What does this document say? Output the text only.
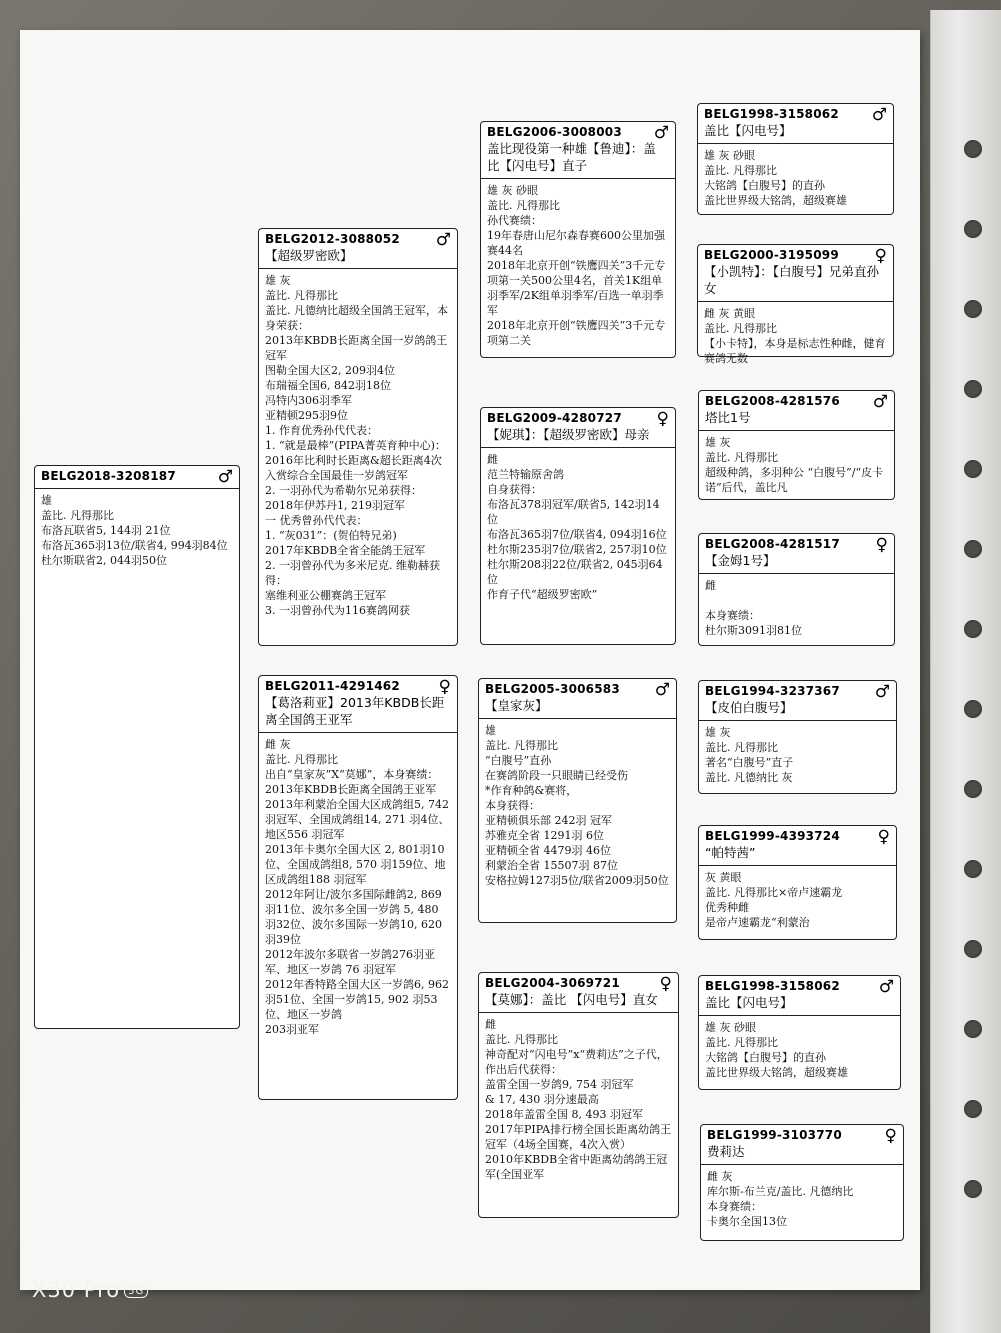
BELG2018-3208187	♂
雄
盖比. 凡得那比
布洛瓦联省5, 144羽 21位
布洛瓦365羽13位/联省4, 994羽84位
杜尔斯联省2, 044羽50位
BELG2012-3088052	♂
【超级罗密欧】
雄 灰
盖比. 凡得那比
盖比. 凡德纳比超级全国鸽王冠军，本身荣获：
2013年KBDB长距离全国一岁鸽鸽王冠军
图勒全国大区2, 209羽4位
布瑞福全国6, 842羽18位
冯特内306羽季军
亚精顿295羽9位
1. 作育优秀孙代代表：
1. “就是最棒”(PIPA菁英育种中心)：
2016年比利时长距离&超长距离4次入赏综合全国最佳一岁鸽冠军
2. 一羽孙代为希勒尔兄弟获得：
2018年伊苏丹1, 219羽冠军
一 优秀曾孙代代表：
1. “灰031”：(贺伯特兄弟)
2017年KBDB全省全能鸽王冠军
2. 一羽曾孙代为多米尼克. 维勒赫获得：
塞维利亚公棚赛鸽王冠军
3. 一羽曾孙代为116赛鸽网获
BELG2011-4291462	♀
【葛洛莉亚】2013年KBDB长距离全国鸽王亚军
雌 灰
盖比. 凡得那比
出自“皇家灰”X“莫娜”，本身赛绩：
2013年KBDB长距离全国鸽王亚军
2013年利蒙治全国大区成鸽组5, 742 羽冠军、全国成鸽组14, 271 羽4位、地区556 羽冠军
2013年卡奥尔全国大区 2, 801羽10位、全国成鸽组8, 570 羽159位、地区成鸽组188 羽冠军
2012年阿让/波尔多国际雌鸽2, 869 羽11位、波尔多全国一岁鸽 5, 480 羽32位、波尔多国际一岁鸽10, 620 羽39位
2012年波尔多联省一岁鸽276羽亚军、地区一岁鸽 76 羽冠军
2012年香特路全国大区一岁鸽6, 962 羽51位、全国一岁鸽15, 902 羽53位、地区一岁鸽
203羽亚军
BELG2006-3008003	♂
盖比现役第一种雄【鲁迪】：盖比【闪电号】直子
雄 灰 砂眼
盖比. 凡得那比
孙代赛绩：
19年春唐山尼尔森春赛600公里加强赛44名
2018年北京开创“铁鹰四关”3千元专项第一关500公里4名，首关1K组单羽季军/2K组单羽季军/百选一单羽季军
2018年北京开创“铁鹰四关”3千元专项第二关
BELG2009-4280727	♀
【妮琪】：【超级罗密欧】母亲
雌
范兰特输原舍鸽
自身获得：
布洛瓦378羽冠军/联省5, 142羽14位
布洛瓦365羽7位/联省4, 094羽16位
杜尔斯235羽7位/联省2, 257羽10位
杜尔斯208羽22位/联省2, 045羽64位
作育子代“超级罗密欧”
BELG2005-3006583	♂
【皇家灰】
雄
盖比. 凡得那比
“白腹号”直孙
在赛鸽阶段一只眼睛已经受伤
*作育种鸽&赛将，
本身获得：
亚精顿俱乐部 242羽 冠军
苏雅克全省 1291羽 6位
亚精顿全省 4479羽 46位
利蒙治全省 15507羽 87位
安格拉姆127羽5位/联省2009羽50位
BELG2004-3069721	♀
【莫娜】：盖比 【闪电号】直女
雌
盖比. 凡得那比
神奇配对“闪电号”x“费莉达”之子代，作出后代获得：
盖雷全国一岁鸽9, 754 羽冠军
& 17, 430 羽分速最高
2018年盖雷全国 8, 493 羽冠军
2017年PIPA排行榜全国长距离幼鸽王冠军（4场全国赛，4次入赏）
2010年KBDB全省中距离幼鸽鸽王冠军(全国亚军
BELG1998-3158062	♂
盖比【闪电号】
雄 灰 砂眼
盖比. 凡得那比
大铭鸽【白腹号】的直孙
盖比世界级大铭鸽，超级赛雄
BELG2000-3195099	♀
【小凯特】：【白腹号】兄弟直孙女
雌 灰 黄眼
盖比. 凡得那比
【小卡特】，本身是标志性种雌，健育赛鸽无数
BELG2008-4281576	♂
塔比1号
雄 灰
盖比. 凡得那比
超级种鸽，多羽种公 “白腹号”/“皮卡诺”后代，盖比凡
BELG2008-4281517	♀
【金姆1号】
雌
本身赛绩：
杜尔斯3091羽81位
BELG1994-3237367	♂
【皮伯白腹号】
雄 灰
盖比. 凡得那比
著名“白腹号”直子
盖比. 凡德纳比 灰
BELG1999-4393724	♀
“帕特茜”
灰 黄眼
盖比. 凡得那比×帝卢速霸龙
优秀种雌
是帝卢速霸龙“利蒙治
BELG1998-3158062	♂
盖比【闪电号】
雄 灰 砂眼
盖比. 凡得那比
大铭鸽【白腹号】的直孙
盖比世界级大铭鸽，超级赛雄
BELG1999-3103770	♀
费莉达
雌 灰
库尔斯-布兰克/盖比. 凡德纳比
本身赛绩：
卡奥尔全国13位
X30 Pro 5G
